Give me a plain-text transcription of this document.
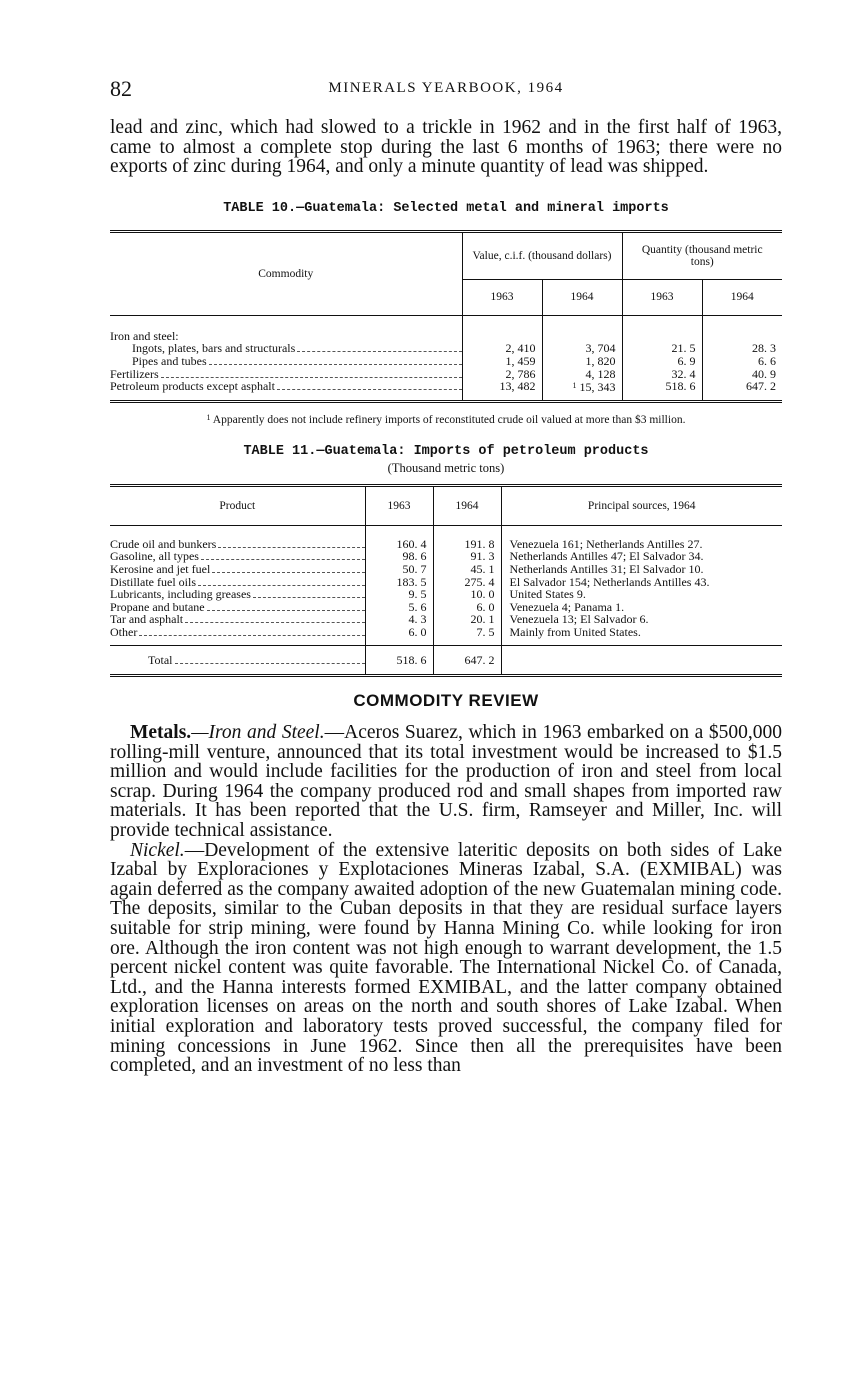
82	MINERALS YEARBOOK, 1964

lead and zinc, which had slowed to a trickle in 1962 and in the first half of 1963, came to almost a complete stop during the last 6 months of 1963; there were no exports of zinc during 1964, and only a minute quantity of lead was shipped.

TABLE 10.—Guatemala: Selected metal and mineral imports
Commodity	Value, c.i.f. (thousand dollars)		Quantity (thousand metric tons)	
	1963	1964	1963	1964

Iron and steel:				

Ingots, plates, bars and structurals	2, 410	3, 704	21. 5	28. 3

Pipes and tubes	1, 459	1, 820	6. 9	6. 6

Fertilizers	2, 786	4, 128	32. 4	40. 9

Petroleum products except asphalt	13, 482	$^1$ 15, 343	518. 6	647. 2

$^1$ Apparently does not include refinery imports of reconstituted crude oil valued at more than $3 million.
TABLE 11.—Guatemala: Imports of petroleum products
(Thousand metric tons)
Product	1963	1964	Principal sources, 1964

Crude oil and bunkers	160. 4	191. 8	Venezuela 161; Netherlands Antilles 27.

Gasoline, all types	98. 6	91. 3	Netherlands Antilles 47; El Salvador 34.

Kerosine and jet fuel	50. 7	45. 1	Netherlands Antilles 31; El Salvador 10.

Distillate fuel oils	183. 5	275. 4	El Salvador 154; Netherlands Antilles 43.

Lubricants, including greases	9. 5	10. 0	United States 9.

Propane and butane	5. 6	6. 0	Venezuela 4; Panama 1.

Tar and asphalt	4. 3	20. 1	Venezuela 13; El Salvador 6.

Other	6. 0	7. 5	Mainly from United States.

Total	518. 6	647. 2	
COMMODITY REVIEW

Metals.—Iron and Steel.—Aceros Suarez, which in 1963 embarked on a $500,000 rolling-mill venture, announced that its total investment would be increased to $1.5 million and would include facilities for the production of iron and steel from local scrap. During 1964 the company produced rod and small shapes from imported raw materials. It has been reported that the U.S. firm, Ramseyer and Miller, Inc. will provide technical assistance.

Nickel.—Development of the extensive lateritic deposits on both sides of Lake Izabal by Exploraciones y Explotaciones Mineras Izabal, S.A. (EXMIBAL) was again deferred as the company awaited adoption of the new Guatemalan mining code. The deposits, similar to the Cuban deposits in that they are residual surface layers suitable for strip mining, were found by Hanna Mining Co. while looking for iron ore. Although the iron content was not high enough to warrant development, the 1.5 percent nickel content was quite favorable. The International Nickel Co. of Canada, Ltd., and the Hanna interests formed EXMIBAL, and the latter company obtained exploration licenses on areas on the north and south shores of Lake Izabal. When initial exploration and laboratory tests proved successful, the company filed for mining concessions in June 1962. Since then all the prerequisites have been completed, and an investment of no less than
